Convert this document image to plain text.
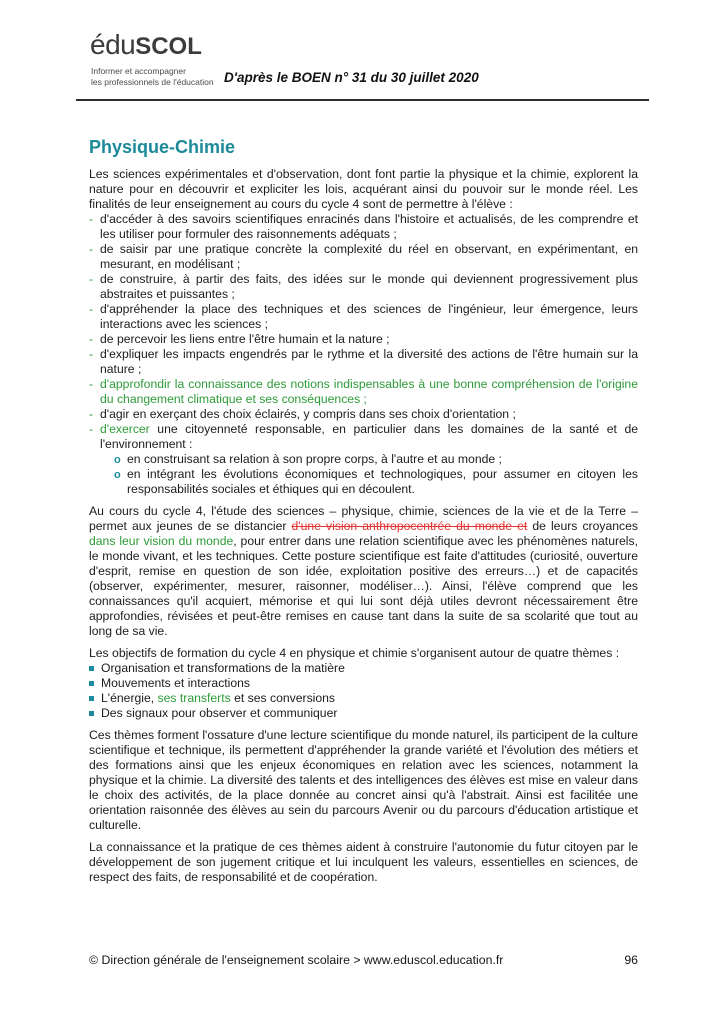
éduSCOL
Informer et accompagner
les professionnels de l'éducation D'après le BOEN n° 31 du 30 juillet 2020
Physique-Chimie

Les sciences expérimentales et d'observation, dont font partie la physique et la chimie, explorent la nature pour en découvrir et expliciter les lois, acquérant ainsi du pouvoir sur le monde réel. Les finalités de leur enseignement au cours du cycle 4 sont de permettre à l'élève :

- d'accéder à des savoirs scientifiques enracinés dans l'histoire et actualisés, de les comprendre et les utiliser pour formuler des raisonnements adéquats ;
- de saisir par une pratique concrète la complexité du réel en observant, en expérimentant, en mesurant, en modélisant ;
- de construire, à partir des faits, des idées sur le monde qui deviennent progressivement plus abstraites et puissantes ;
- d'appréhender la place des techniques et des sciences de l'ingénieur, leur émergence, leurs interactions avec les sciences ;
- de percevoir les liens entre l'être humain et la nature ;
- d'expliquer les impacts engendrés par le rythme et la diversité des actions de l'être humain sur la nature ;
- d'approfondir la connaissance des notions indispensables à une bonne compréhension de l'origine du changement climatique et ses conséquences ;
- d'agir en exerçant des choix éclairés, y compris dans ses choix d'orientation ;
- d'exercer une citoyenneté responsable, en particulier dans les domaines de la santé et de l'environnement :
o en construisant sa relation à son propre corps, à l'autre et au monde ;
o en intégrant les évolutions économiques et technologiques, pour assumer en citoyen les responsabilités sociales et éthiques qui en découlent.

Au cours du cycle 4, l'étude des sciences – physique, chimie, sciences de la vie et de la Terre – permet aux jeunes de se distancier d'une vision anthropocentrée du monde et de leurs croyances dans leur vision du monde, pour entrer dans une relation scientifique avec les phénomènes naturels, le monde vivant, et les techniques. Cette posture scientifique est faite d'attitudes (curiosité, ouverture d'esprit, remise en question de son idée, exploitation positive des erreurs…) et de capacités (observer, expérimenter, mesurer, raisonner, modéliser…). Ainsi, l'élève comprend que les connaissances qu'il acquiert, mémorise et qui lui sont déjà utiles devront nécessairement être approfondies, révisées et peut-être remises en cause tant dans la suite de sa scolarité que tout au long de sa vie.

Les objectifs de formation du cycle 4 en physique et chimie s'organisent autour de quatre thèmes :

Organisation et transformations de la matière
Mouvements et interactions
L'énergie, ses transferts et ses conversions
Des signaux pour observer et communiquer

Ces thèmes forment l'ossature d'une lecture scientifique du monde naturel, ils participent de la culture scientifique et technique, ils permettent d'appréhender la grande variété et l'évolution des métiers et des formations ainsi que les enjeux économiques en relation avec les sciences, notamment la physique et la chimie. La diversité des talents et des intelligences des élèves est mise en valeur dans le choix des activités, de la place donnée au concret ainsi qu'à l'abstrait. Ainsi est facilitée une orientation raisonnée des élèves au sein du parcours Avenir ou du parcours d'éducation artistique et culturelle.

La connaissance et la pratique de ces thèmes aident à construire l'autonomie du futur citoyen par le développement de son jugement critique et lui inculquent les valeurs, essentielles en sciences, de respect des faits, de responsabilité et de coopération.

© Direction générale de l'enseignement scolaire > www.eduscol.education.fr	96
